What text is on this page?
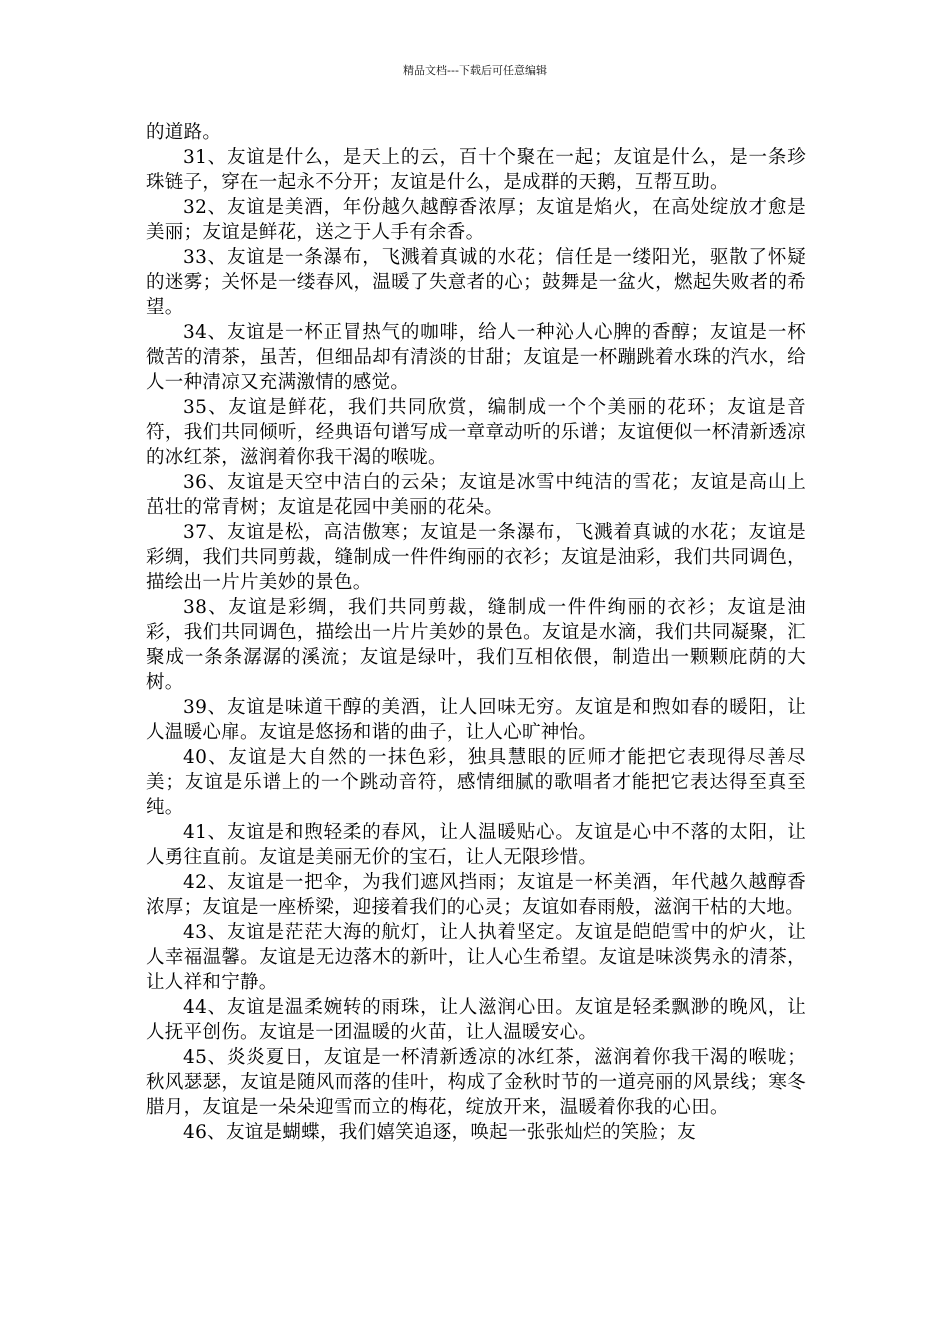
精品文档---下载后可任意编辑

的道路。

31、友谊是什么，是天上的云，百十个聚在一起；友谊是什么，是一条珍珠链子，穿在一起永不分开；友谊是什么，是成群的天鹅，互帮互助。

32、友谊是美酒，年份越久越醇香浓厚；友谊是焰火，在高处绽放才愈是美丽；友谊是鲜花，送之于人手有余香。

33、友谊是一条瀑布，飞溅着真诚的水花；信任是一缕阳光，驱散了怀疑的迷雾；关怀是一缕春风，温暖了失意者的心；鼓舞是一盆火，燃起失败者的希望。

34、友谊是一杯正冒热气的咖啡，给人一种沁人心脾的香醇；友谊是一杯微苦的清茶，虽苦，但细品却有清淡的甘甜；友谊是一杯蹦跳着水珠的汽水，给人一种清凉又充满激情的感觉。

35、友谊是鲜花，我们共同欣赏，编制成一个个美丽的花环；友谊是音符，我们共同倾听，经典语句谱写成一章章动听的乐谱；友谊便似一杯清新透凉的冰红茶，滋润着你我干渴的喉咙。

36、友谊是天空中洁白的云朵；友谊是冰雪中纯洁的雪花；友谊是高山上茁壮的常青树；友谊是花园中美丽的花朵。

37、友谊是松，高洁傲寒；友谊是一条瀑布，飞溅着真诚的水花；友谊是彩绸，我们共同剪裁，缝制成一件件绚丽的衣衫；友谊是油彩，我们共同调色，描绘出一片片美妙的景色。

38、友谊是彩绸，我们共同剪裁，缝制成一件件绚丽的衣衫；友谊是油彩，我们共同调色，描绘出一片片美妙的景色。友谊是水滴，我们共同凝聚，汇聚成一条条潺潺的溪流；友谊是绿叶，我们互相依偎，制造出一颗颗庇荫的大树。

39、友谊是味道干醇的美酒，让人回味无穷。友谊是和煦如春的暖阳，让人温暖心扉。友谊是悠扬和谐的曲子，让人心旷神怡。

40、友谊是大自然的一抹色彩，独具慧眼的匠师才能把它表现得尽善尽美；友谊是乐谱上的一个跳动音符，感情细腻的歌唱者才能把它表达得至真至纯。

41、友谊是和煦轻柔的春风，让人温暖贴心。友谊是心中不落的太阳，让人勇往直前。友谊是美丽无价的宝石，让人无限珍惜。

42、友谊是一把伞，为我们遮风挡雨；友谊是一杯美酒，年代越久越醇香浓厚；友谊是一座桥梁，迎接着我们的心灵；友谊如春雨般，滋润干枯的大地。

43、友谊是茫茫大海的航灯，让人执着坚定。友谊是皑皑雪中的炉火，让人幸福温馨。友谊是无边落木的新叶，让人心生希望。友谊是味淡隽永的清茶，让人祥和宁静。

44、友谊是温柔婉转的雨珠，让人滋润心田。友谊是轻柔飘渺的晚风，让人抚平创伤。友谊是一团温暖的火苗，让人温暖安心。

45、炎炎夏日，友谊是一杯清新透凉的冰红茶，滋润着你我干渴的喉咙；秋风瑟瑟，友谊是随风而落的佳叶，构成了金秋时节的一道亮丽的风景线；寒冬腊月，友谊是一朵朵迎雪而立的梅花，绽放开来，温暖着你我的心田。

46、友谊是蝴蝶，我们嬉笑追逐，唤起一张张灿烂的笑脸；友
